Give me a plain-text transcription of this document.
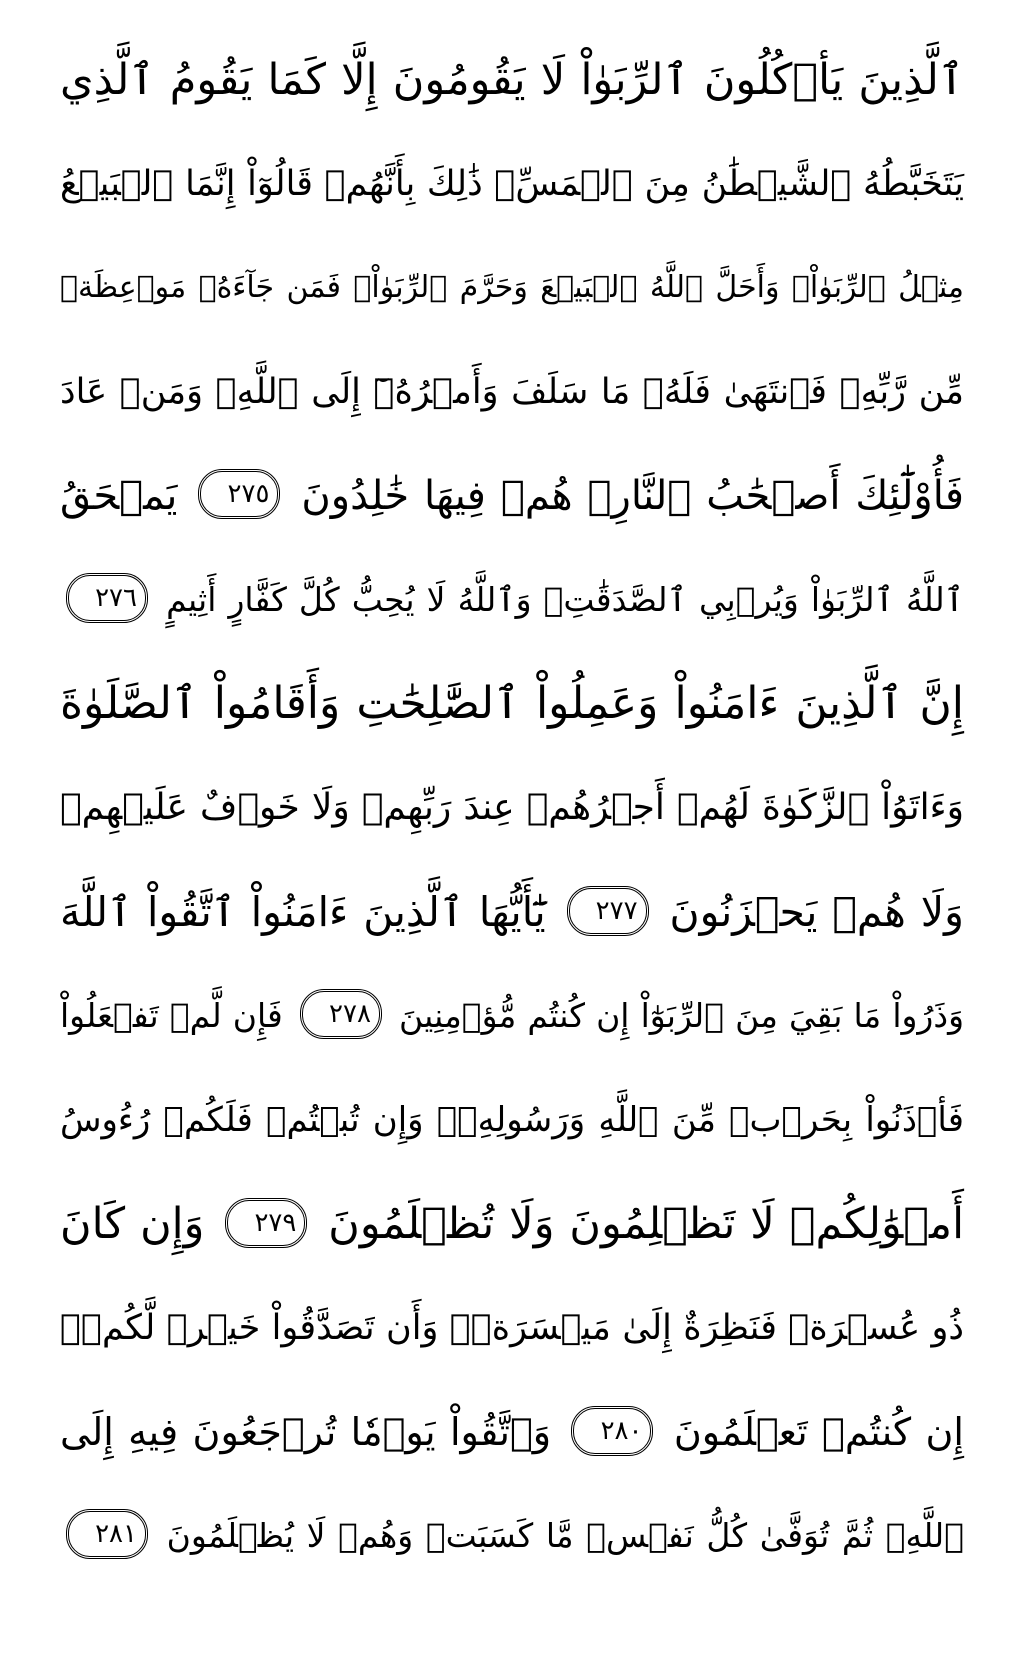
ٱلَّذِينَ يَأۡكُلُونَ ٱلرِّبَوٰاْ لَا يَقُومُونَ إِلَّا كَمَا يَقُومُ ٱلَّذِي
يَتَخَبَّطُهُ ٱلشَّيۡطَٰنُ مِنَ ٱلۡمَسِّۚ ذَٰلِكَ بِأَنَّهُمۡ قَالُوٓاْ إِنَّمَا ٱلۡبَيۡعُ
مِثۡلُ ٱلرِّبَوٰاْۗ وَأَحَلَّ ٱللَّهُ ٱلۡبَيۡعَ وَحَرَّمَ ٱلرِّبَوٰاْۚ فَمَن جَآءَهُۥ مَوۡعِظَةٞ
مِّن رَّبِّهِۦ فَٱنتَهَىٰ فَلَهُۥ مَا سَلَفَ وَأَمۡرُهُۥٓ إِلَى ٱللَّهِۖ وَمَنۡ عَادَ
فَأُوْلَٰٓئِكَ أَصۡحَٰبُ ٱلنَّارِۖ هُمۡ فِيهَا خَٰلِدُونَ ٢٧٥ يَمۡحَقُ
ٱللَّهُ ٱلرِّبَوٰاْ وَيُرۡبِي ٱلصَّدَقَٰتِۗ وَٱللَّهُ لَا يُحِبُّ كُلَّ كَفَّارٍ أَثِيمٍ ٢٧٦
إِنَّ ٱلَّذِينَ ءَامَنُواْ وَعَمِلُواْ ٱلصَّٰلِحَٰتِ وَأَقَامُواْ ٱلصَّلَوٰةَ
وَءَاتَوُاْ ٱلزَّكَوٰةَ لَهُمۡ أَجۡرُهُمۡ عِندَ رَبِّهِمۡ وَلَا خَوۡفٌ عَلَيۡهِمۡ
وَلَا هُمۡ يَحۡزَنُونَ ٢٧٧ يَٰٓأَيُّهَا ٱلَّذِينَ ءَامَنُواْ ٱتَّقُواْ ٱللَّهَ
وَذَرُواْ مَا بَقِيَ مِنَ ٱلرِّبَوٰٓاْ إِن كُنتُم مُّؤۡمِنِينَ ٢٧٨ فَإِن لَّمۡ تَفۡعَلُواْ
فَأۡذَنُواْ بِحَرۡبٖ مِّنَ ٱللَّهِ وَرَسُولِهِۦۖ وَإِن تُبۡتُمۡ فَلَكُمۡ رُءُوسُ
أَمۡوَٰلِكُمۡ لَا تَظۡلِمُونَ وَلَا تُظۡلَمُونَ ٢٧٩ وَإِن كَانَ
ذُو عُسۡرَةٖ فَنَظِرَةٌ إِلَىٰ مَيۡسَرَةٖۚ وَأَن تَصَدَّقُواْ خَيۡرٞ لَّكُمۡۖ
إِن كُنتُمۡ تَعۡلَمُونَ ٢٨٠ وَٱتَّقُواْ يَوۡمٗا تُرۡجَعُونَ فِيهِ إِلَى
ٱللَّهِۖ ثُمَّ تُوَفَّىٰ كُلُّ نَفۡسٖ مَّا كَسَبَتۡ وَهُمۡ لَا يُظۡلَمُونَ ٢٨١
